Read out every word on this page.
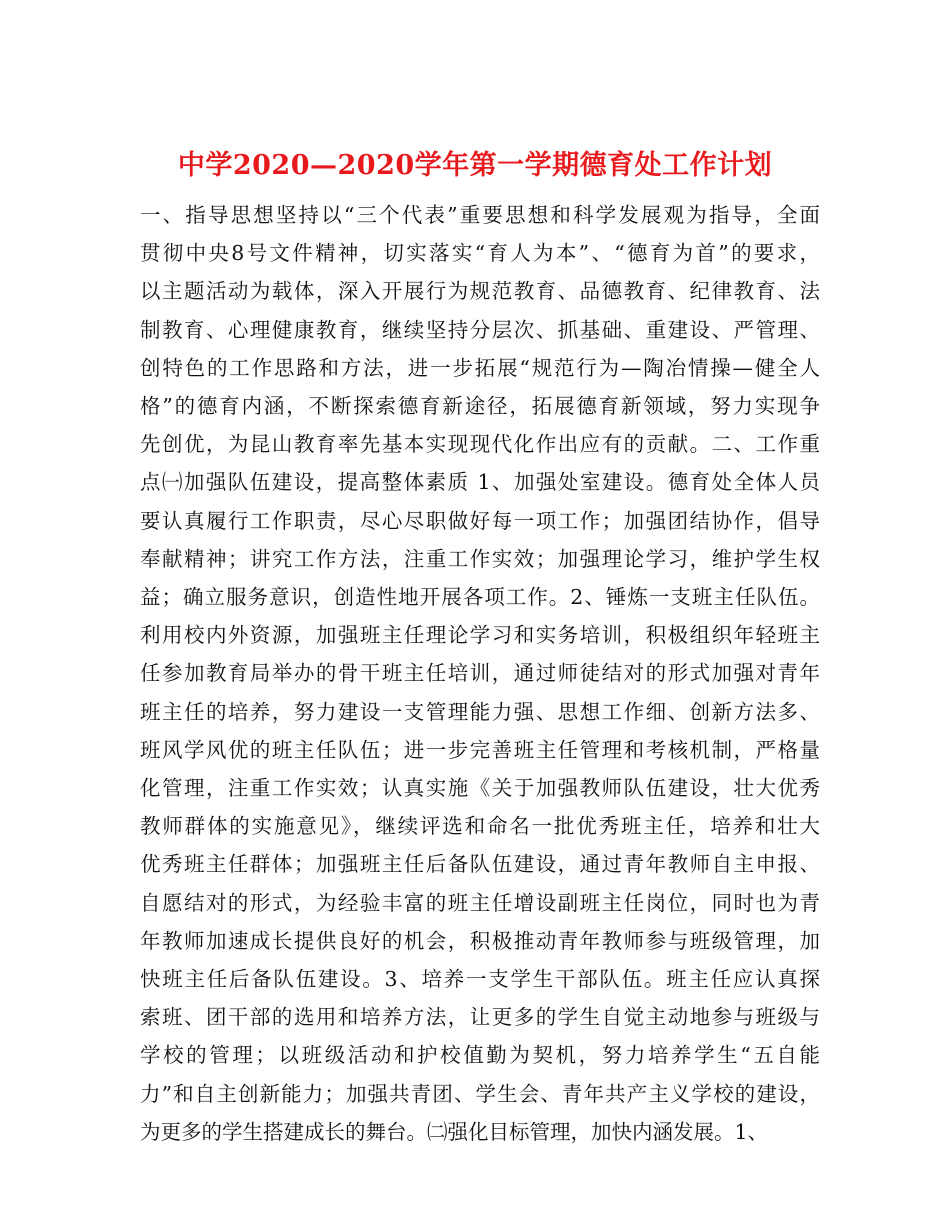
中学2020—2020学年第一学期德育处工作计划
一、指导思想坚持以“三个代表”重要思想和科学发展观为指导，全面
贯彻中央8号文件精神，切实落实“育人为本”、“德育为首”的要求，
以主题活动为载体，深入开展行为规范教育、品德教育、纪律教育、法
制教育、心理健康教育，继续坚持分层次、抓基础、重建设、严管理、
创特色的工作思路和方法，进一步拓展“规范行为—陶冶情操—健全人
格”的德育内涵，不断探索德育新途径，拓展德育新领域，努力实现争
先创优，为昆山教育率先基本实现现代化作出应有的贡献。二、工作重
点㈠加强队伍建设，提高整体素质 1、加强处室建设。德育处全体人员
要认真履行工作职责，尽心尽职做好每一项工作；加强团结协作，倡导
奉献精神；讲究工作方法，注重工作实效；加强理论学习，维护学生权
益；确立服务意识，创造性地开展各项工作。2、锤炼一支班主任队伍。
利用校内外资源，加强班主任理论学习和实务培训，积极组织年轻班主
任参加教育局举办的骨干班主任培训，通过师徒结对的形式加强对青年
班主任的培养，努力建设一支管理能力强、思想工作细、创新方法多、
班风学风优的班主任队伍；进一步完善班主任管理和考核机制，严格量
化管理，注重工作实效；认真实施《关于加强教师队伍建设，壮大优秀
教师群体的实施意见》，继续评选和命名一批优秀班主任，培养和壮大
优秀班主任群体；加强班主任后备队伍建设，通过青年教师自主申报、
自愿结对的形式，为经验丰富的班主任增设副班主任岗位，同时也为青
年教师加速成长提供良好的机会，积极推动青年教师参与班级管理，加
快班主任后备队伍建设。3、培养一支学生干部队伍。班主任应认真探
索班、团干部的选用和培养方法，让更多的学生自觉主动地参与班级与
学校的管理；以班级活动和护校值勤为契机，努力培养学生“五自能
力”和自主创新能力；加强共青团、学生会、青年共产主义学校的建设，
为更多的学生搭建成长的舞台。㈡强化目标管理，加快内涵发展。1、
